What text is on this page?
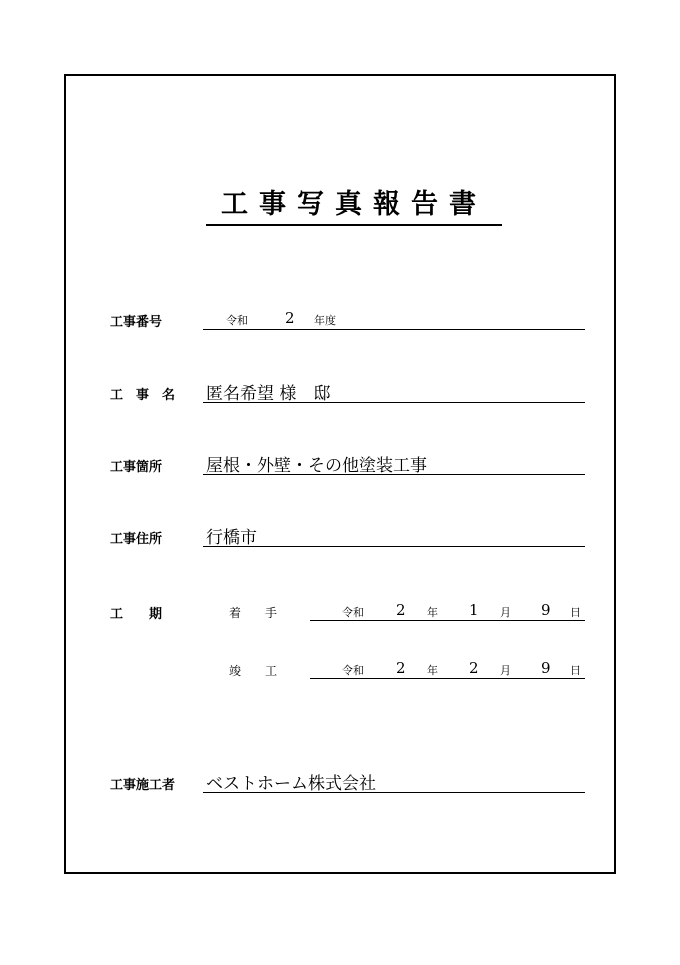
工事写真報告書
工事番号	令和 2 年度
工　事　名 匿名希望 様　邸
工事箇所	屋根・外壁・その他塗装工事
工事住所	行橋市
工　　期	着　　手	令和 2 年 1 月 9 日
竣　　工	令和 2 年 2 月 9 日
工事施工者 ベストホーム株式会社
